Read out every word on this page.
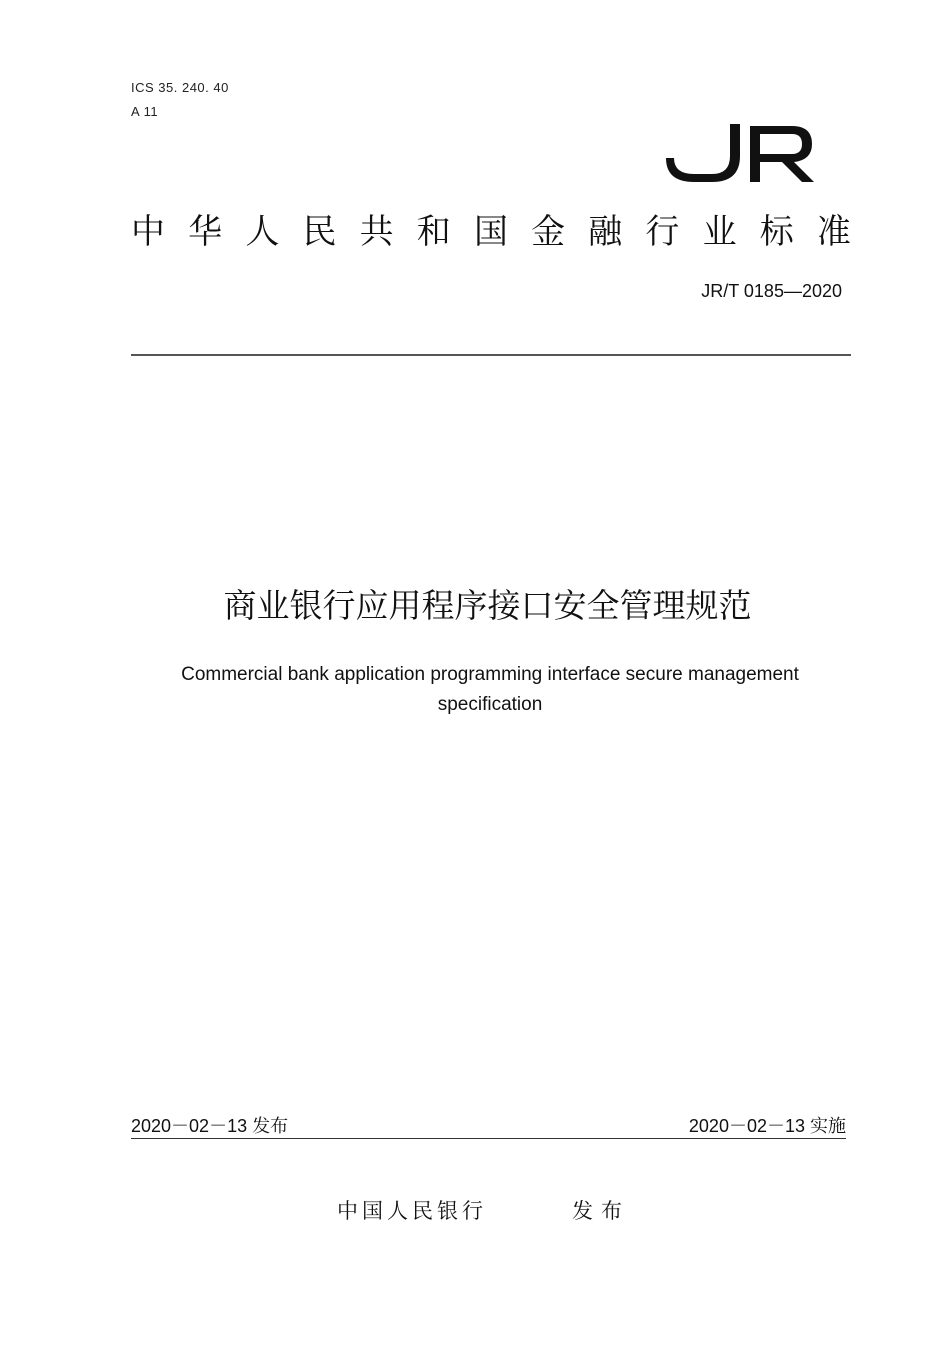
ICS 35. 240. 40
A 11
中 华 人 民 共 和 国 金 融 行 业 标 准
JR/T 0185—2020
商业银行应用程序接口安全管理规范
Commercial bank application programming interface secure management
specification
2020－02－13 发布	2020－02－13 实施
中国人民银行	发布
